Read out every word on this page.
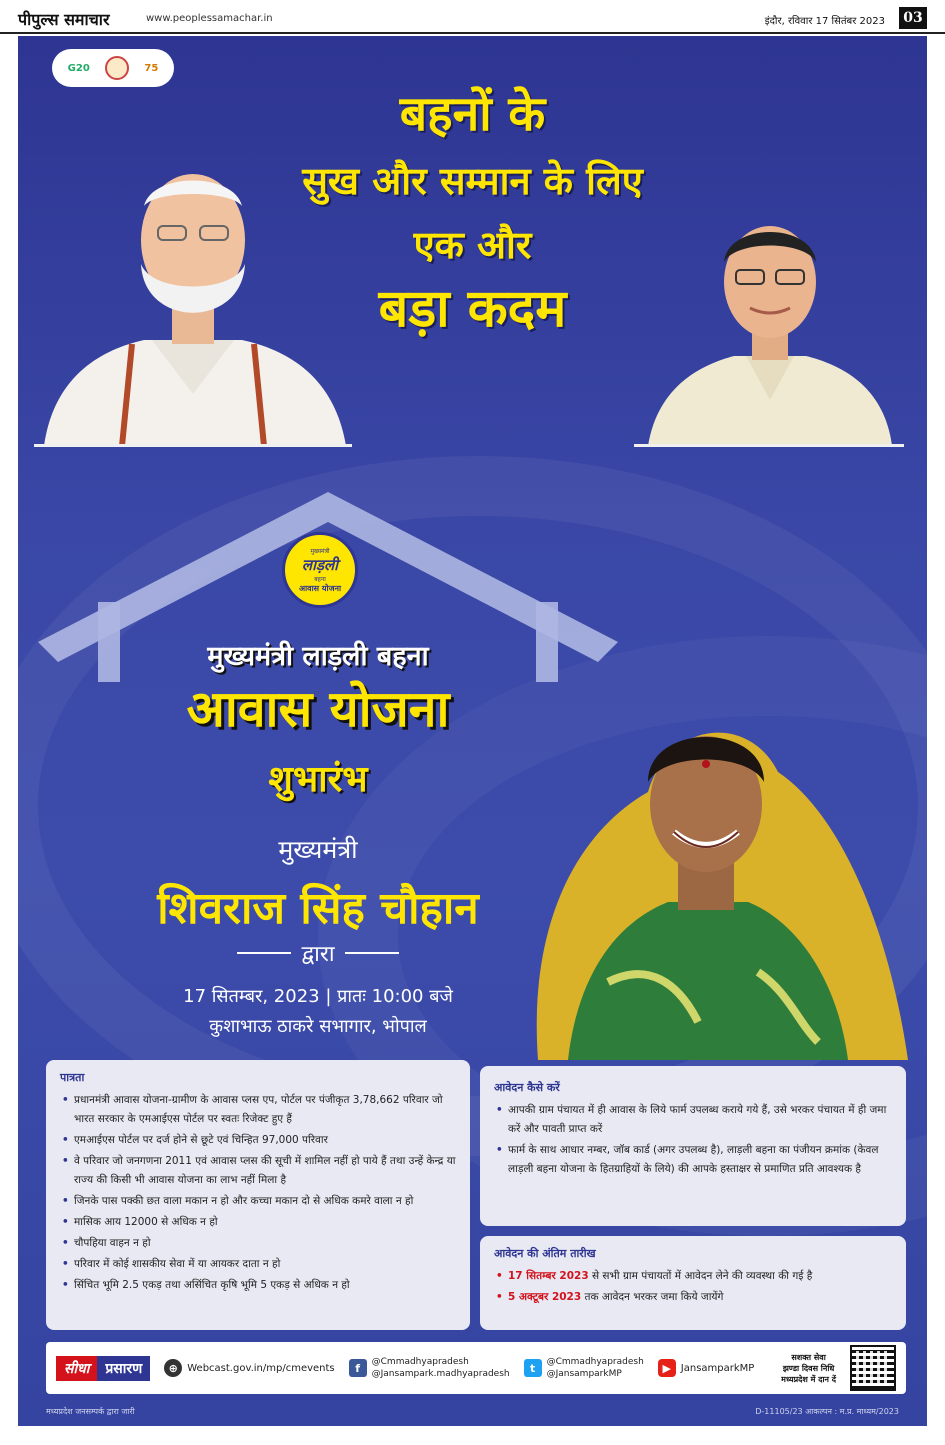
पीपुल्स समाचार	www.peoplessamachar.in	इंदौर, रविवार 17 सितंबर 2023	03
G20	75
बहनों के
सुख और सम्मान के लिए
एक और
बड़ा कदम
मुख्यमंत्री
लाड़ली
बहना
आवास योजना
मुख्यमंत्री लाड़ली बहना
आवास योजना
शुभारंभ
मुख्यमंत्री
शिवराज सिंह चौहान
द्वारा
17 सितम्बर, 2023 | प्रातः 10:00 बजे
कुशाभाऊ ठाकरे सभागार, भोपाल
पात्रता
• प्रधानमंत्री आवास योजना-ग्रामीण के आवास प्लस एप, पोर्टल पर पंजीकृत 3,78,662 परिवार जो भारत सरकार के एमआईएस पोर्टल पर स्वतः रिजेक्ट हुए हैं
• एमआईएस पोर्टल पर दर्ज होने से छूटे एवं चिन्हित 97,000 परिवार
• वे परिवार जो जनगणना 2011 एवं आवास प्लस की सूची में शामिल नहीं हो पाये हैं तथा उन्हें केन्द्र या राज्य की किसी भी आवास योजना का लाभ नहीं मिला है
• जिनके पास पक्की छत वाला मकान न हो और कच्चा मकान दो से अधिक कमरे वाला न हो
• मासिक आय 12000 से अधिक न हो
• चौपहिया वाहन न हो
• परिवार में कोई शासकीय सेवा में या आयकर दाता न हो
• सिंचित भूमि 2.5 एकड़ तथा असिंचित कृषि भूमि 5 एकड़ से अधिक न हो
आवेदन कैसे करें
• आपकी ग्राम पंचायत में ही आवास के लिये फार्म उपलब्ध कराये गये हैं, उसे भरकर पंचायत में ही जमा करें और पावती प्राप्त करें
• फार्म के साथ आधार नम्बर, जॉब कार्ड (अगर उपलब्ध है), लाड़ली बहना का पंजीयन क्रमांक (केवल लाड़ली बहना योजना के हितग्राहियों के लिये) की आपके हस्ताक्षर से प्रमाणित प्रति आवश्यक है
आवेदन की अंतिम तारीख
• 17 सितम्बर 2023 से सभी ग्राम पंचायतों में आवेदन लेने की व्यवस्था की गई है
• 5 अक्टूबर 2023 तक आवेदन भरकर जमा किये जायेंगे
सीधा	प्रसारण	⊕ Webcast.gov.in/mp/cmevents	f	@Cmmadhyapradesh
@Jansampark.madhyapradesh	t	@Cmmadhyapradesh
@JansamparkMP	▶ JansamparkMP
सशक्त सेवा
झण्डा दिवस निधि
मध्यप्रदेश में दान दें
मध्यप्रदेश जनसम्पर्क द्वारा जारी	D-11105/23 आकल्पन : म.प्र. माध्यम/2023
